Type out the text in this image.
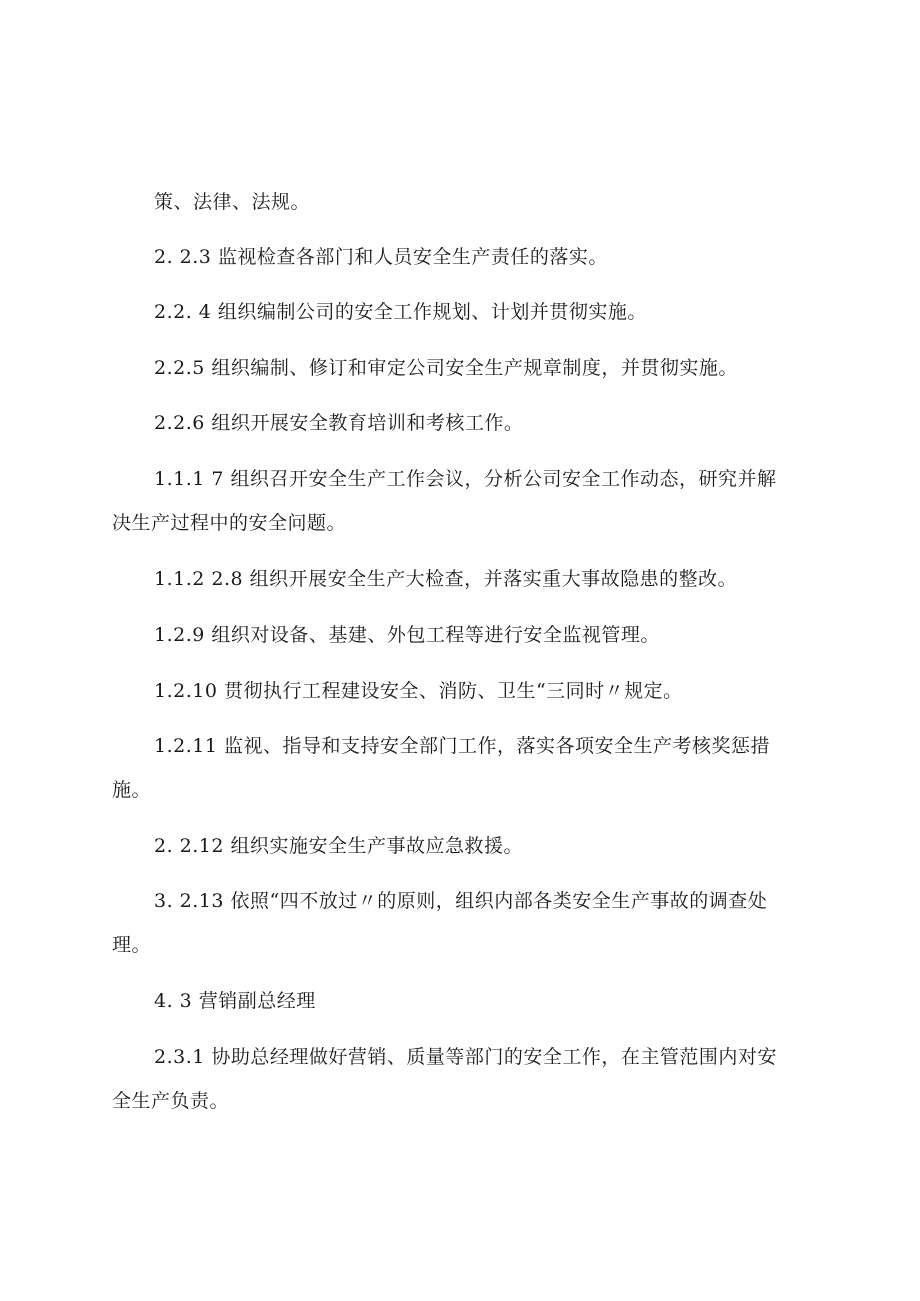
策、法律、法规。

2. 2.3 监视检查各部门和人员安全生产责任的落实。

2.2. 4 组织编制公司的安全工作规划、计划并贯彻实施。

2.2.5 组织编制、修订和审定公司安全生产规章制度，并贯彻实施。

2.2.6 组织开展安全教育培训和考核工作。

1.1.1 7 组织召开安全生产工作会议，分析公司安全工作动态，研究并解

决生产过程中的安全问题。

1.1.2 2.8 组织开展安全生产大检查，并落实重大事故隐患的整改。

1.2.9 组织对设备、基建、外包工程等进行安全监视管理。

1.2.10 贯彻执行工程建设安全、消防、卫生“三同时〃规定。

1.2.11 监视、指导和支持安全部门工作，落实各项安全生产考核奖惩措

施。

2. 2.12 组织实施安全生产事故应急救援。

3. 2.13 依照“四不放过〃的原则，组织内部各类安全生产事故的调查处

理。

4. 3 营销副总经理

2.3.1 协助总经理做好营销、质量等部门的安全工作，在主管范围内对安

全生产负责。
